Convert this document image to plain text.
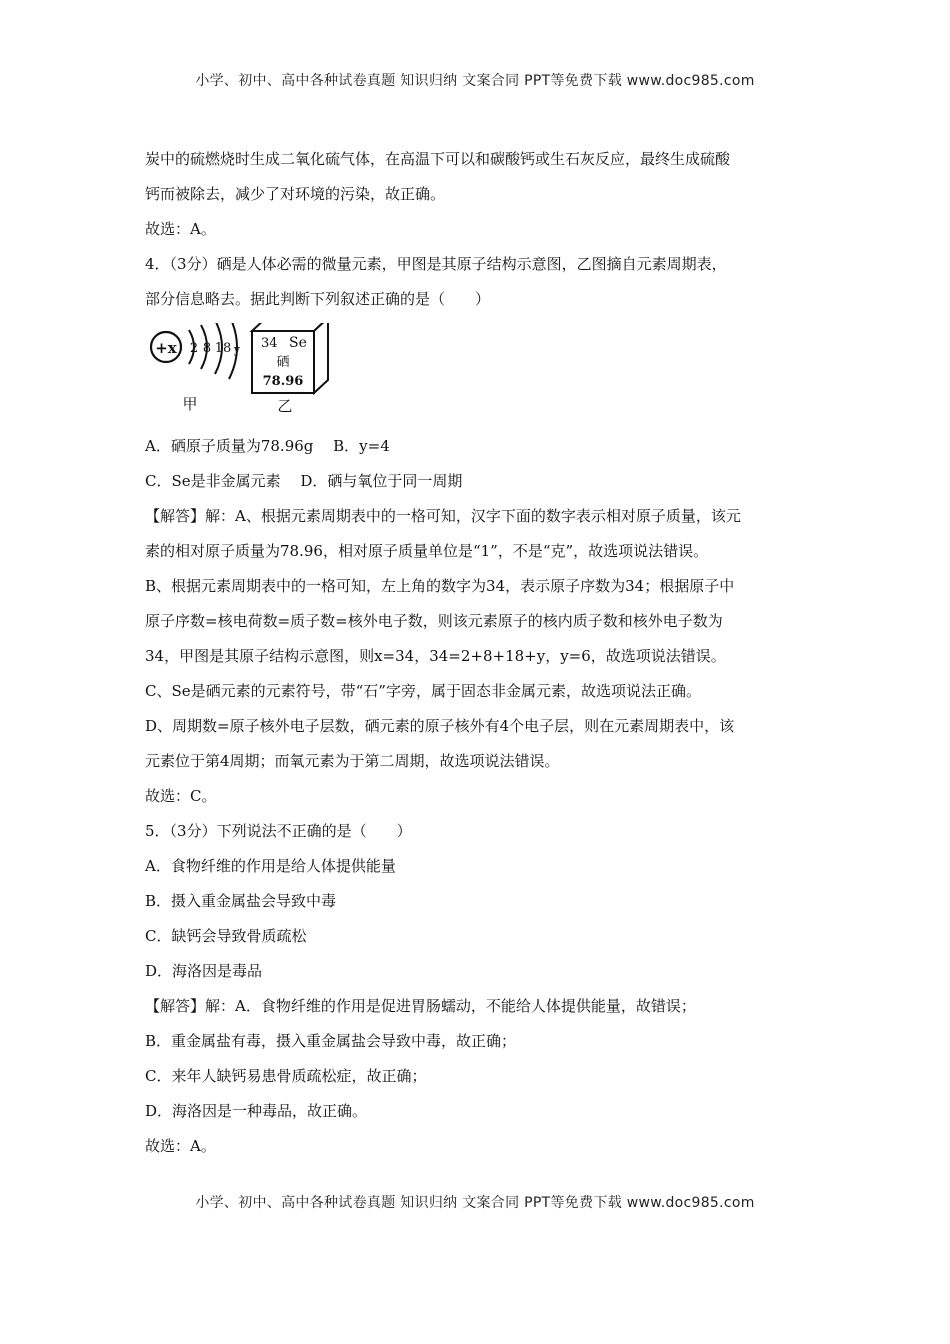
小学、初中、高中各种试卷真题 知识归纳 文案合同 PPT等免费下载 www.doc985.com

炭中的硫燃烧时生成二氧化硫气体，在高温下可以和碳酸钙或生石灰反应，最终生成硫酸

钙而被除去，减少了对环境的污染，故正确。

故选：A。

4．（3分）硒是人体必需的微量元素，甲图是其原子结构示意图，乙图摘自元素周期表，

部分信息略去。据此判断下列叙述正确的是（　　）

+x 2 8 18 y
甲
34 Se
硒
78.96
乙

A．硒原子质量为78.96g　 B．y=4

C．Se是非金属元素　 D．硒与氧位于同一周期

【解答】解：A、根据元素周期表中的一格可知，汉字下面的数字表示相对原子质量，该元

素的相对原子质量为78.96，相对原子质量单位是“1”，不是“克”，故选项说法错误。

B、根据元素周期表中的一格可知，左上角的数字为34，表示原子序数为34；根据原子中

原子序数=核电荷数=质子数=核外电子数，则该元素原子的核内质子数和核外电子数为

34，甲图是其原子结构示意图，则x=34，34=2+8+18+y，y=6，故选项说法错误。

C、Se是硒元素的元素符号，带“石”字旁，属于固态非金属元素，故选项说法正确。

D、周期数=原子核外电子层数，硒元素的原子核外有4个电子层，则在元素周期表中，该

元素位于第4周期；而氧元素为于第二周期，故选项说法错误。

故选：C。

5．（3分）下列说法不正确的是（　　）

A．食物纤维的作用是给人体提供能量

B．摄入重金属盐会导致中毒

C．缺钙会导致骨质疏松

D．海洛因是毒品

【解答】解：A．食物纤维的作用是促进胃肠蠕动，不能给人体提供能量，故错误；

B．重金属盐有毒，摄入重金属盐会导致中毒，故正确；

C．来年人缺钙易患骨质疏松症，故正确；

D．海洛因是一种毒品，故正确。

故选：A。

小学、初中、高中各种试卷真题 知识归纳 文案合同 PPT等免费下载 www.doc985.com
